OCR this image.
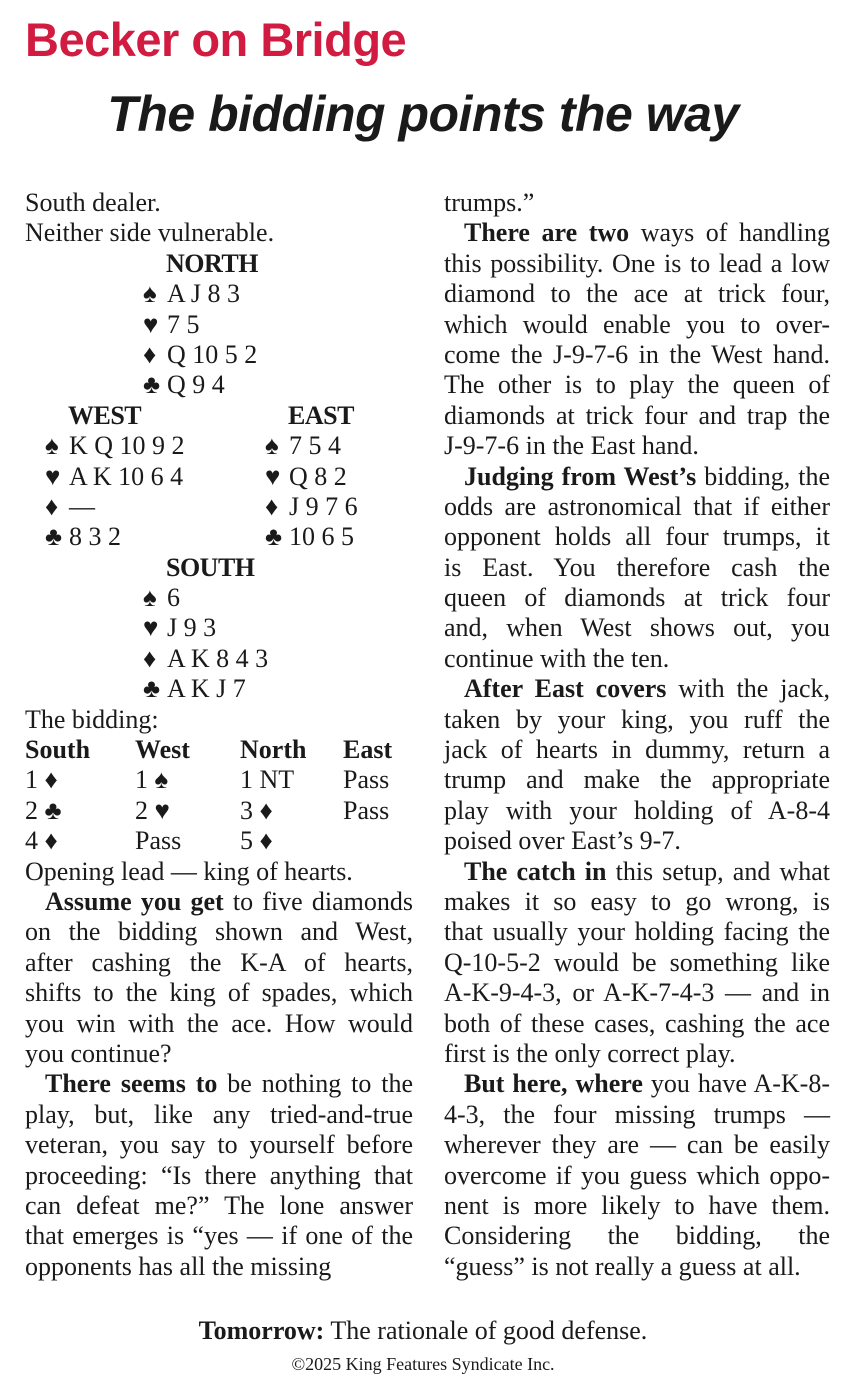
Becker on Bridge
The bidding points the way
South dealer.
Neither side vulnerable.
NORTH
♠ A J 8 3
♥ 7 5
♦ Q 10 5 2
♣ Q 9 4
WEST	EAST
♠ K Q 10 9 2	♠ 7 5 4
♥ A K 10 6 4	♥ Q 8 2
♦ —	♦ J 9 7 6
♣ 8 3 2	♣ 10 6 5
SOUTH
♠ 6
♥ J 9 3
♦ A K 8 4 3
♣ A K J 7
The bidding:
South West North East
1 ♦	1 ♠	1 NT Pass
2 ♣	2 ♥	3 ♦	Pass
4 ♦	Pass 5 ♦
Opening lead — king of hearts.
Assume you get to five diamonds
on the bidding shown and West,
after cashing the K-A of hearts,
shifts to the king of spades, which
you win with the ace. How would
you continue?
There seems to be nothing to the
play, but, like any tried-and-true
veteran, you say to yourself before
proceeding: “Is there anything that
can defeat me?” The lone answer
that emerges is “yes — if one of the
opponents has all the missing
trumps.”
There are two ways of handling
this possibility. One is to lead a low
diamond to the ace at trick four,
which would enable you to over-
come the J-9-7-6 in the West hand.
The other is to play the queen of
diamonds at trick four and trap the
J-9-7-6 in the East hand.
Judging from West’s bidding, the
odds are astronomical that if either
opponent holds all four trumps, it
is East. You therefore cash the
queen of diamonds at trick four
and, when West shows out, you
continue with the ten.
After East covers with the jack,
taken by your king, you ruff the
jack of hearts in dummy, return a
trump and make the appropriate
play with your holding of A-8-4
poised over East’s 9-7.
The catch in this setup, and what
makes it so easy to go wrong, is
that usually your holding facing the
Q-10-5-2 would be something like
A-K-9-4-3, or A-K-7-4-3 — and in
both of these cases, cashing the ace
first is the only correct play.
But here, where you have A-K-8-
4-3, the four missing trumps —
wherever they are — can be easily
overcome if you guess which oppo-
nent is more likely to have them.
Considering the bidding, the
“guess” is not really a guess at all.
Tomorrow: The rationale of good defense.
©2025 King Features Syndicate Inc.
